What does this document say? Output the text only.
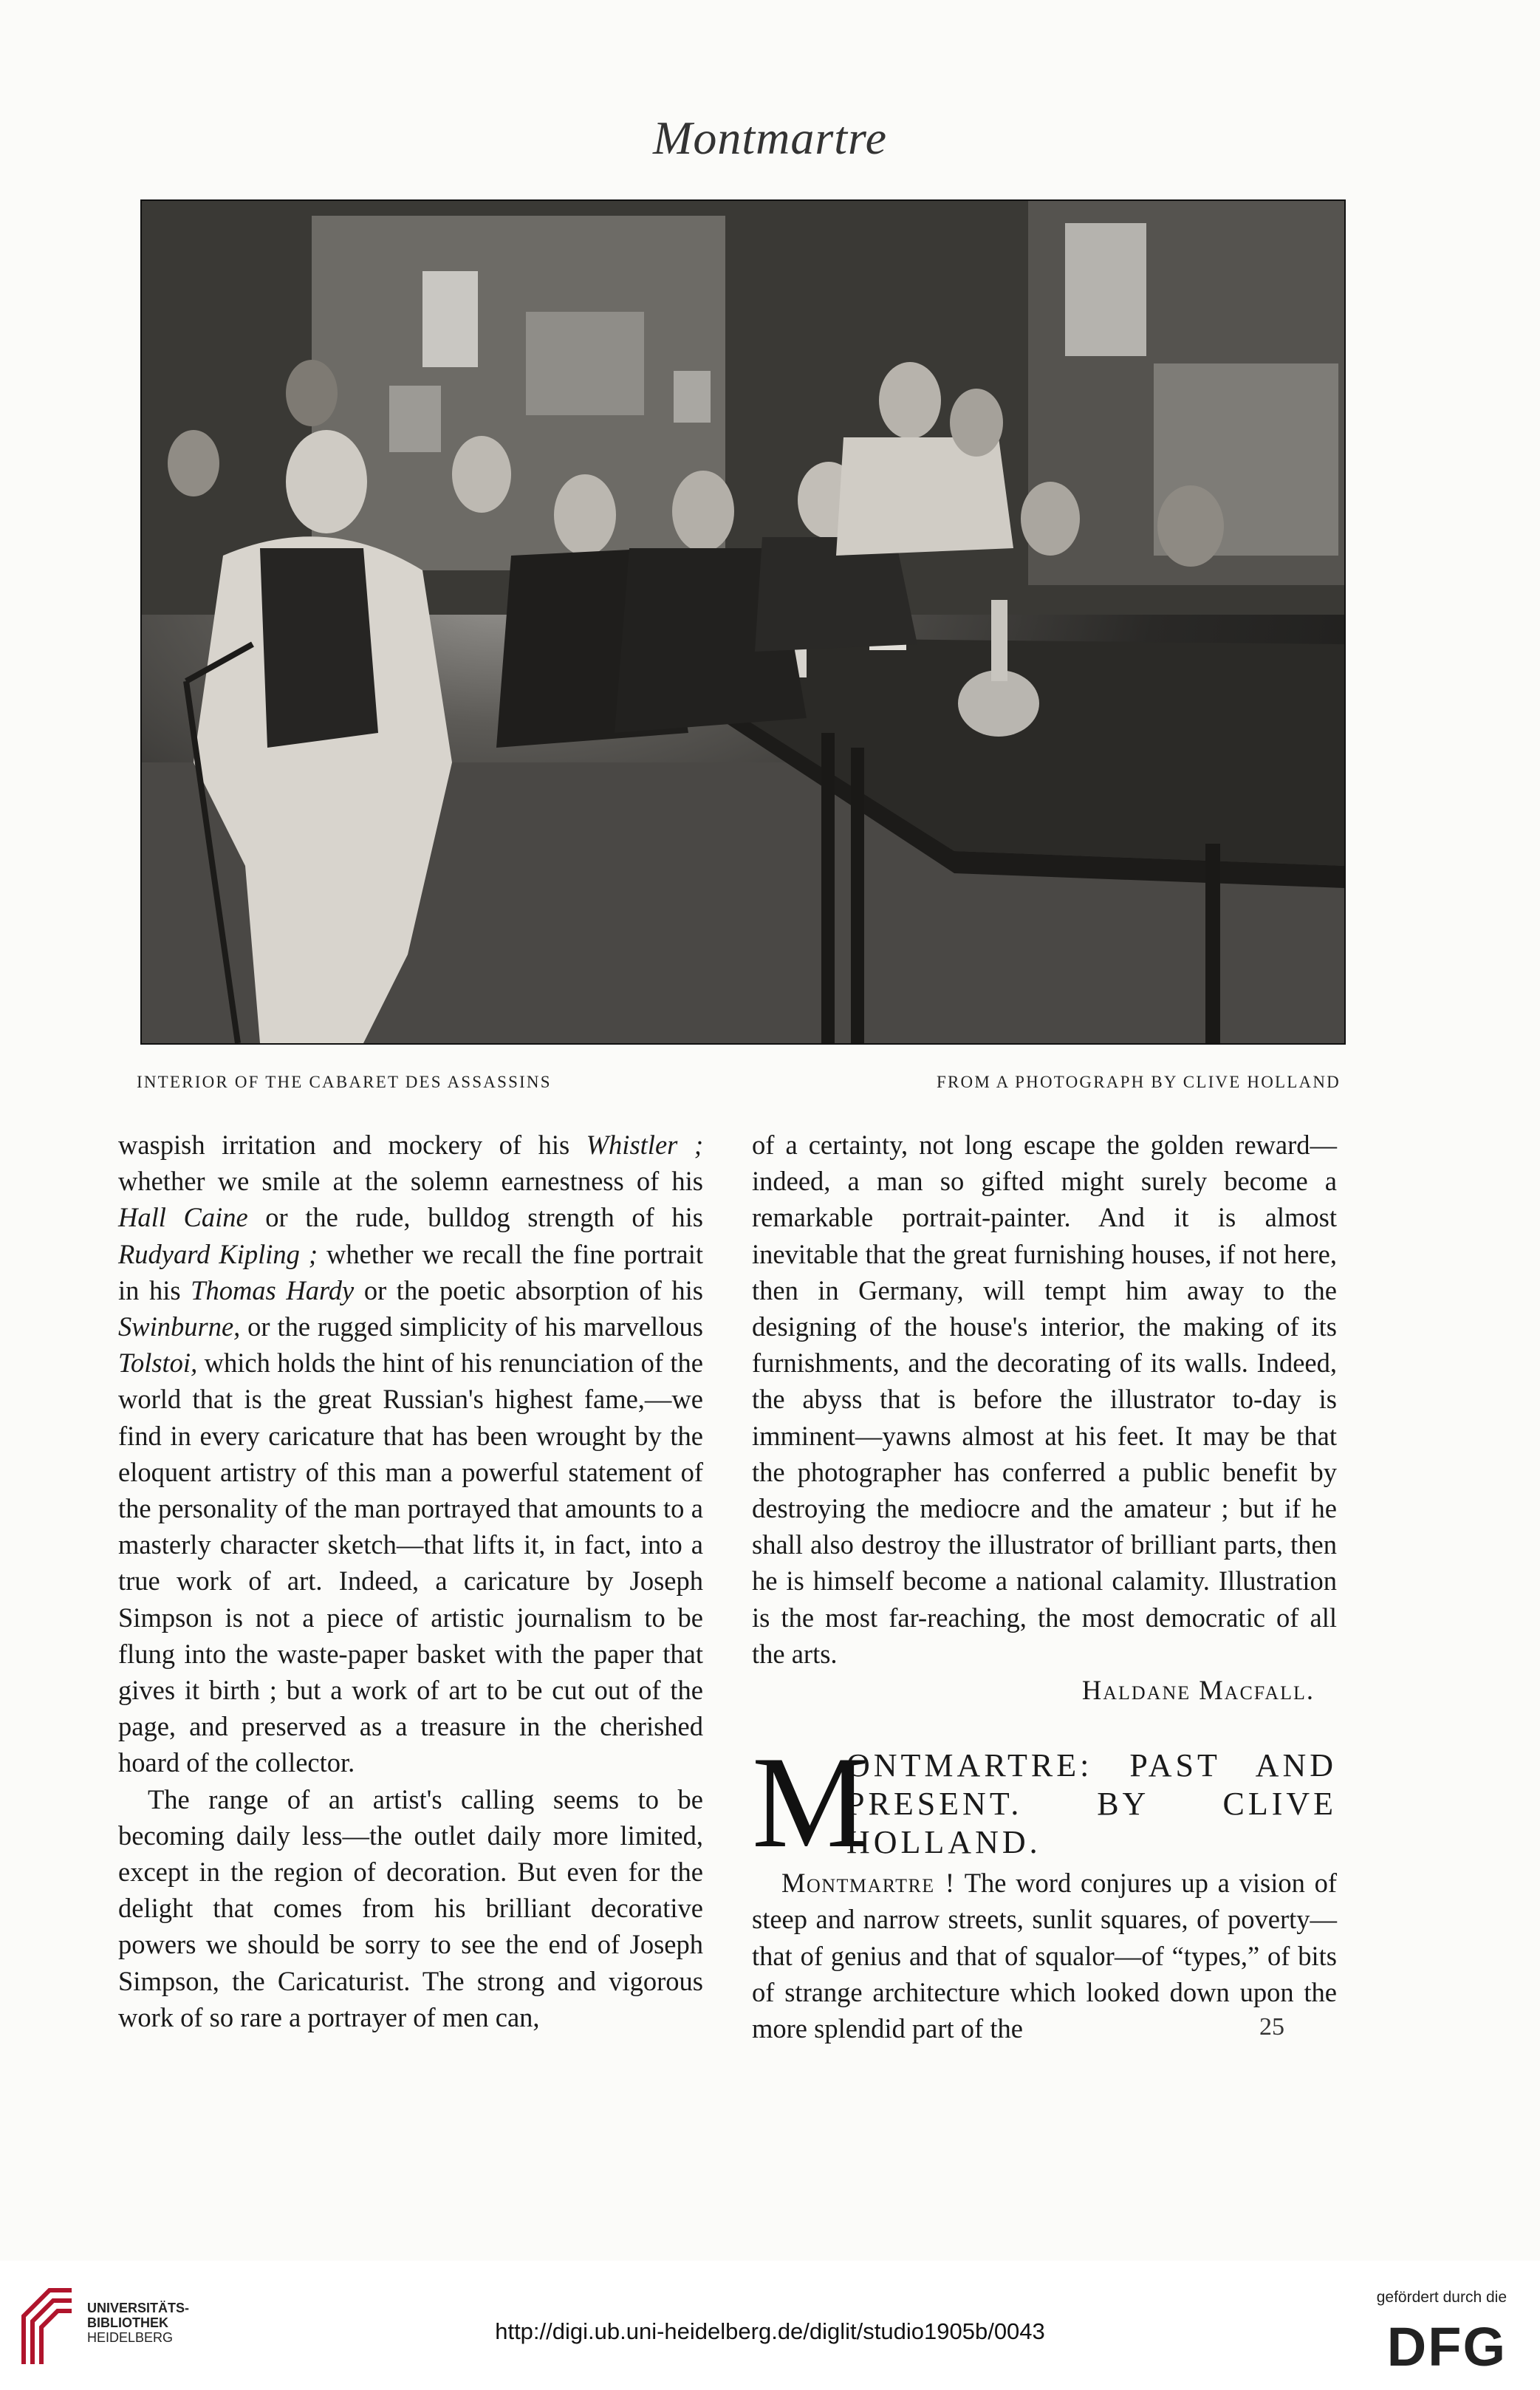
Montmartre
INTERIOR OF THE CABARET DES ASSASSINS	FROM A PHOTOGRAPH BY CLIVE HOLLAND

waspish irritation and mockery of his Whistler ; whether we smile at the solemn earnestness of his Hall Caine or the rude, bulldog strength of his Rudyard Kipling ; whether we recall the fine portrait in his Thomas Hardy or the poetic absorption of his Swinburne, or the rugged simplicity of his marvellous Tolstoi, which holds the hint of his renunciation of the world that is the great Russian's highest fame,—we find in every caricature that has been wrought by the eloquent artistry of this man a powerful statement of the personality of the man portrayed that amounts to a masterly character sketch—that lifts it, in fact, into a true work of art. Indeed, a caricature by Joseph Simpson is not a piece of artistic journalism to be flung into the waste-paper basket with the paper that gives it birth ; but a work of art to be cut out of the page, and preserved as a treasure in the cherished hoard of the collector.

The range of an artist's calling seems to be becoming daily less—the outlet daily more limited, except in the region of decoration. But even for the delight that comes from his brilliant decorative powers we should be sorry to see the end of Joseph Simpson, the Caricaturist. The strong and vigorous work of so rare a portrayer of men can,

of a certainty, not long escape the golden reward—indeed, a man so gifted might surely become a remarkable portrait-painter. And it is almost inevitable that the great furnishing houses, if not here, then in Germany, will tempt him away to the designing of the house's interior, the making of its furnishments, and the decorating of its walls. Indeed, the abyss that is before the illustrator to-day is imminent—yawns almost at his feet. It may be that the photographer has conferred a public benefit by destroying the mediocre and the amateur ; but if he shall also destroy the illustrator of brilliant parts, then he is himself become a national calamity. Illustration is the most far-reaching, the most democratic of all the arts.

Haldane Macfall.

M
ONTMARTRE: PAST AND PRESENT. BY CLIVE HOLLAND.

Montmartre ! The word conjures up a vision of steep and narrow streets, sunlit squares, of poverty—that of genius and that of squalor—of “types,” of bits of strange architecture which looked down upon the more splendid part of the	25
UNIVERSITÄTS-
BIBLIOTHEK
HEIDELBERG	http://digi.ub.uni-heidelberg.de/diglit/studio1905b/0043
gefördert durch die
DFG
